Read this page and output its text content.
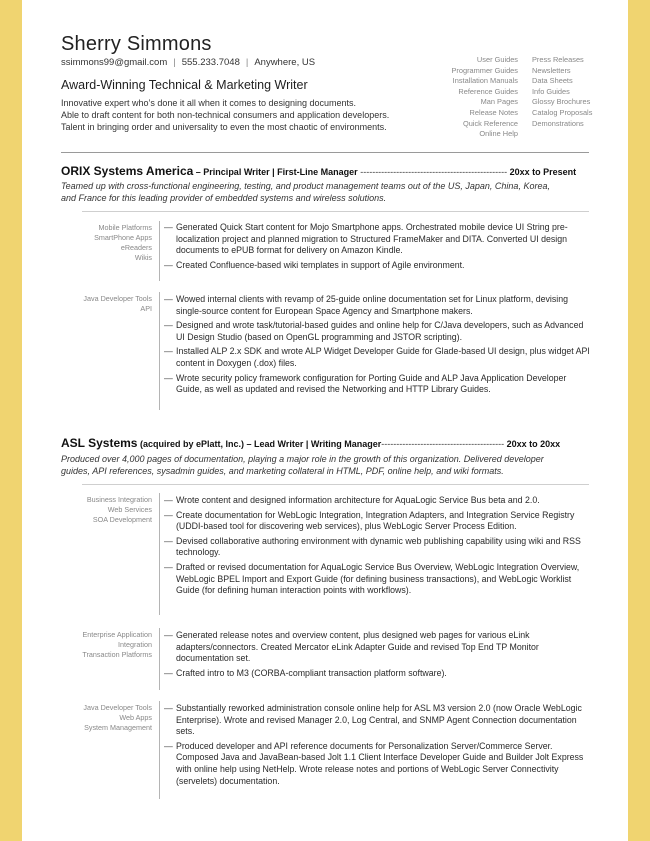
Sherry Simmons
ssimmons99@gmail.com | 555.233.7048 | Anywhere, US
Award-Winning Technical & Marketing Writer
Innovative expert who’s done it all when it comes to designing documents.
Able to draft content for both non-technical consumers and application developers.
Talent in bringing order and universality to even the most chaotic of environments.
User Guides
Programmer Guides
Installation Manuals
Reference Guides
Man Pages
Release Notes
Quick Reference
Online Help
Press Releases
Newsletters
Data Sheets
Info Guides
Glossy Brochures
Catalog Proposals
Demonstrations
ORIX Systems America – Principal Writer | First-Line Manager ------------------------------------------------- 20xx to Present
Teamed up with cross-functional engineering, testing, and product management teams out of the US, Japan, China, Korea,
and France for this leading provider of embedded systems and wireless solutions.
Mobile Platforms
SmartPhone Apps
eReaders
Wikis
— Generated Quick Start content for Mojo Smartphone apps. Orchestrated mobile device UI String pre-localization project and planned migration to Structured FrameMaker and DITA. Converted UI design documents to ePUB format for delivery on Amazon Kindle.
— Created Confluence-based wiki templates in support of Agile environment.
Java Developer Tools
API
— Wowed internal clients with revamp of 25-guide online documentation set for Linux platform, devising single-source content for European Space Agency and Smartphone makers.
— Designed and wrote task/tutorial-based guides and online help for C/Java developers, such as Advanced UI Design Studio (based on OpenGL programming and JSTOR scripting).
— Installed ALP 2.x SDK and wrote ALP Widget Developer Guide for Glade-based UI design, plus widget API content in Doxygen (.dox) files.
— Wrote security policy framework configuration for Porting Guide and ALP Java Application Developer Guide, as well as updated and revised the Networking and HTTP Library Guides.
ASL Systems (acquired by ePlatt, Inc.) – Lead Writer | Writing Manager----------------------------------------- 20xx to 20xx
Produced over 4,000 pages of documentation, playing a major role in the growth of this organization. Delivered developer
guides, API references, sysadmin guides, and marketing collateral in HTML, PDF, online help, and wiki formats.
Business Integration
Web Services
SOA Development
— Wrote content and designed information architecture for AquaLogic Service Bus beta and 2.0.
— Create documentation for WebLogic Integration, Integration Adapters, and Integration Service Registry (UDDI-based tool for discovering web services), plus WebLogic Server Process Edition.
— Devised collaborative authoring environment with dynamic web publishing capability using wiki and RSS technology.
— Drafted or revised documentation for AquaLogic Service Bus Overview, WebLogic Integration Overview, WebLogic BPEL Import and Export Guide (for defining business transactions), and WebLogic Worklist Guide (for defining human interaction points with workflows).
Enterprise Application
Integration
Transaction Platforms
— Generated release notes and overview content, plus designed web pages for various eLink adapters/connectors. Created Mercator eLink Adapter Guide and revised Top End TP Monitor documentation set.
— Crafted intro to M3 (CORBA-compliant transaction platform software).
Java Developer Tools
Web Apps
System Management
— Substantially reworked administration console online help for ASL M3 version 2.0 (now Oracle WebLogic Enterprise). Wrote and revised Manager 2.0, Log Central, and SNMP Agent Connection documentation sets.
— Produced developer and API reference documents for Personalization Server/Commerce Server. Composed Java and JavaBean-based Jolt 1.1 Client Interface Developer Guide and Builder Jolt Express with online help using NetHelp. Wrote release notes and portions of WebLogic Server Connectivity (servelets) documentation.
